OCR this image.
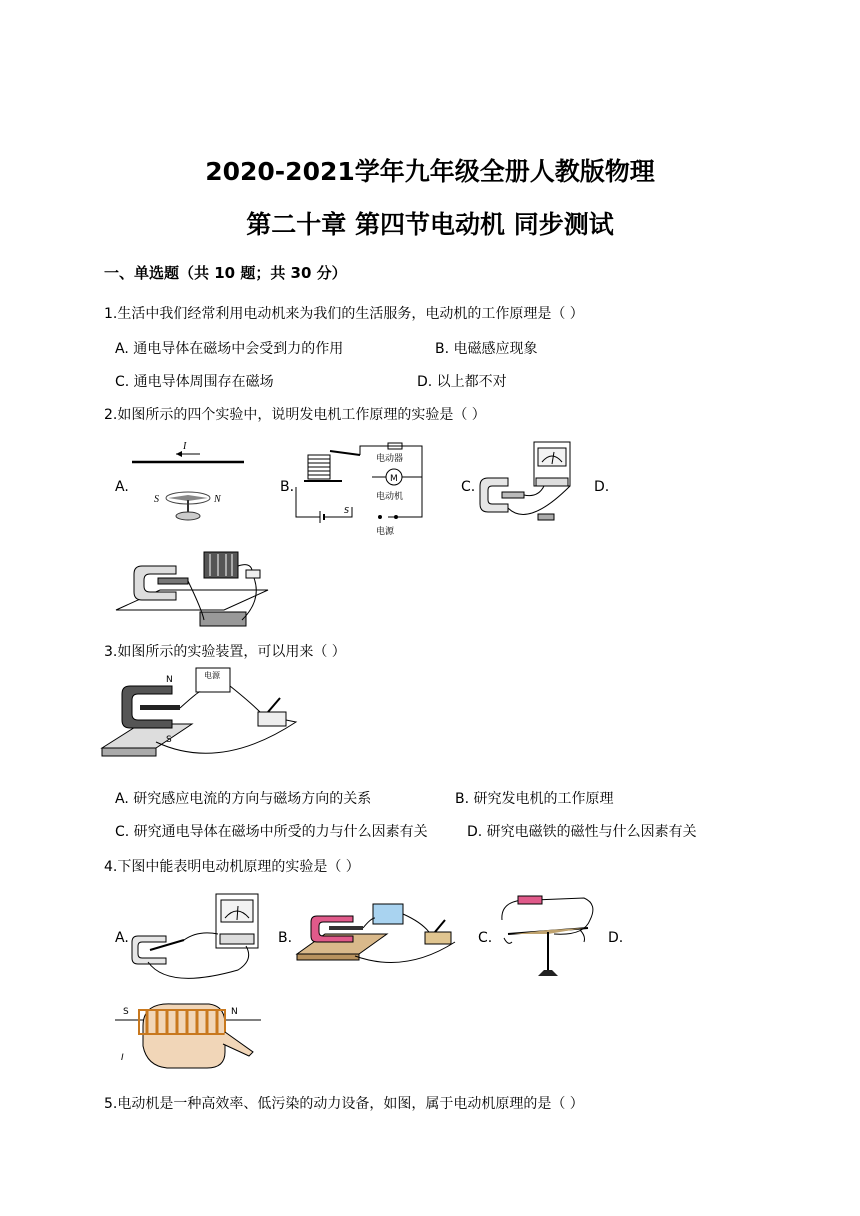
2020-2021学年九年级全册人教版物理
第二十章 第四节电动机 同步测试
一、单选题（共 10 题；共 30 分）
1.生活中我们经常利用电动机来为我们的生活服务，电动机的工作原理是（ ）
A. 通电导体在磁场中会受到力的作用	B. 电磁感应现象
C. 通电导体周围存在磁场	D. 以上都不对
2.如图所示的四个实验中，说明发电机工作原理的实验是（ ）
A.	B.	C.	D.
I
S	N
电动器
M
电动机
S
电源
3.如图所示的实验装置，可以用来（ ）
N
S
电源
A. 研究感应电流的方向与磁场方向的关系	B. 研究发电机的工作原理
C. 研究通电导体在磁场中所受的力与什么因素有关	D. 研究电磁铁的磁性与什么因素有关
4.下图中能表明电动机原理的实验是（ ）
A.	B.	C.	D.
S	N
I
5.电动机是一种高效率、低污染的动力设备，如图，属于电动机原理的是（ ）
